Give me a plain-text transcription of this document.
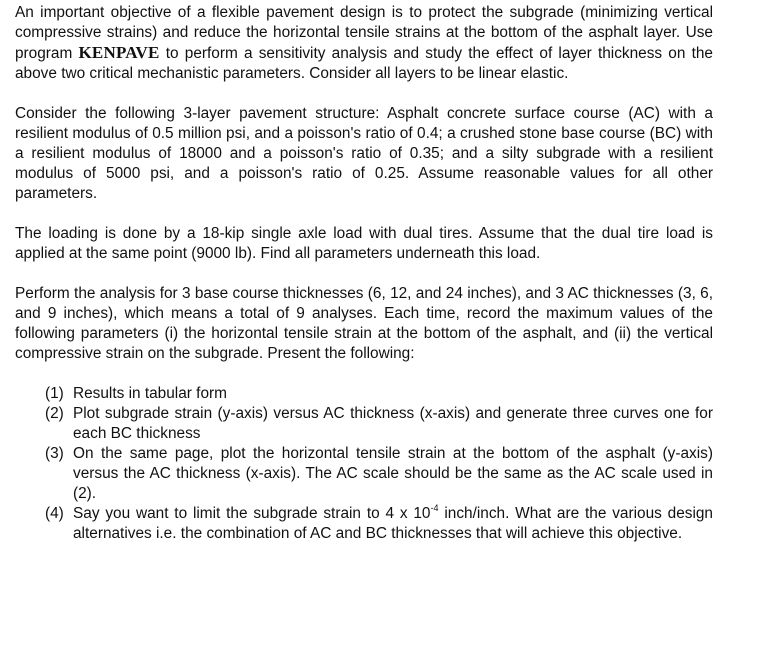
An important objective of a flexible pavement design is to protect the subgrade (minimizing vertical compressive strains) and reduce the horizontal tensile strains at the bottom of the asphalt layer. Use program KENPAVE to perform a sensitivity analysis and study the effect of layer thickness on the above two critical mechanistic parameters. Consider all layers to be linear elastic.

Consider the following 3-layer pavement structure: Asphalt concrete surface course (AC) with a resilient modulus of 0.5 million psi, and a poisson's ratio of 0.4; a crushed stone base course (BC) with a resilient modulus of 18000 and a poisson's ratio of 0.35; and a silty subgrade with a resilient modulus of 5000 psi, and a poisson's ratio of 0.25. Assume reasonable values for all other parameters.

The loading is done by a 18-kip single axle load with dual tires. Assume that the dual tire load is applied at the same point (9000 lb). Find all parameters underneath this load.

Perform the analysis for 3 base course thicknesses (6, 12, and 24 inches), and 3 AC thicknesses (3, 6, and 9 inches), which means a total of 9 analyses. Each time, record the maximum values of the following parameters (i) the horizontal tensile strain at the bottom of the asphalt, and (ii) the vertical compressive strain on the subgrade. Present the following:

(1) Results in tabular form
(2) Plot subgrade strain (y-axis) versus AC thickness (x-axis) and generate three curves one for each BC thickness
(3) On the same page, plot the horizontal tensile strain at the bottom of the asphalt (y-axis) versus the AC thickness (x-axis). The AC scale should be the same as the AC scale used in (2).
(4) Say you want to limit the subgrade strain to 4 x $10^{-4}$ inch/inch. What are the various design alternatives i.e. the combination of AC and BC thicknesses that will achieve this objective.
